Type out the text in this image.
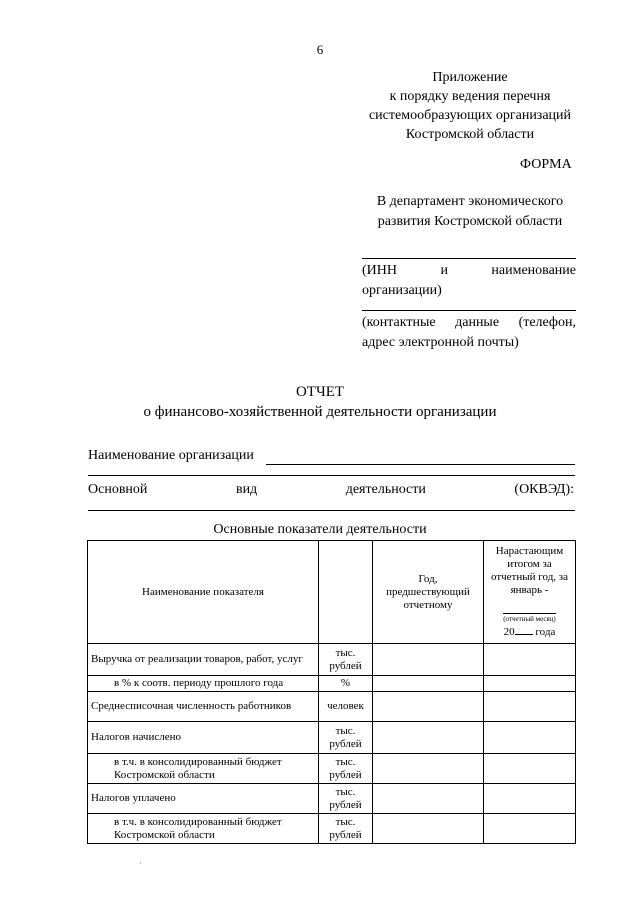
6
Приложение
к порядку ведения перечня
системообразующих организаций
Костромской области
ФОРМА
В департамент экономического
развития Костромской области
(ИНН	и	наименование
организации)
(контактные данные (телефон,
адрес электронной почты)
ОТЧЕТ
о финансово-хозяйственной деятельности организации
Наименование организации
Основной	вид	деятельности	(ОКВЭД):
Основные показатели деятельности
Наименование показателя		Год, предшествующий отчетному	Нарастающим итогом за отчетный год, за январь -
(отчетный месяц)
20 года

Выручка от реализации товаров, работ, услуг	тыс. рублей		
в % к соотв. периоду прошлого года	%		
Среднесписочная численность работников	человек		
Налогов начислено	тыс. рублей		
в т.ч. в консолидированный бюджет Костромской области	тыс. рублей		
Налогов уплачено	тыс. рублей		
в т.ч. в консолидированный бюджет Костромской области	тыс. рублей		
